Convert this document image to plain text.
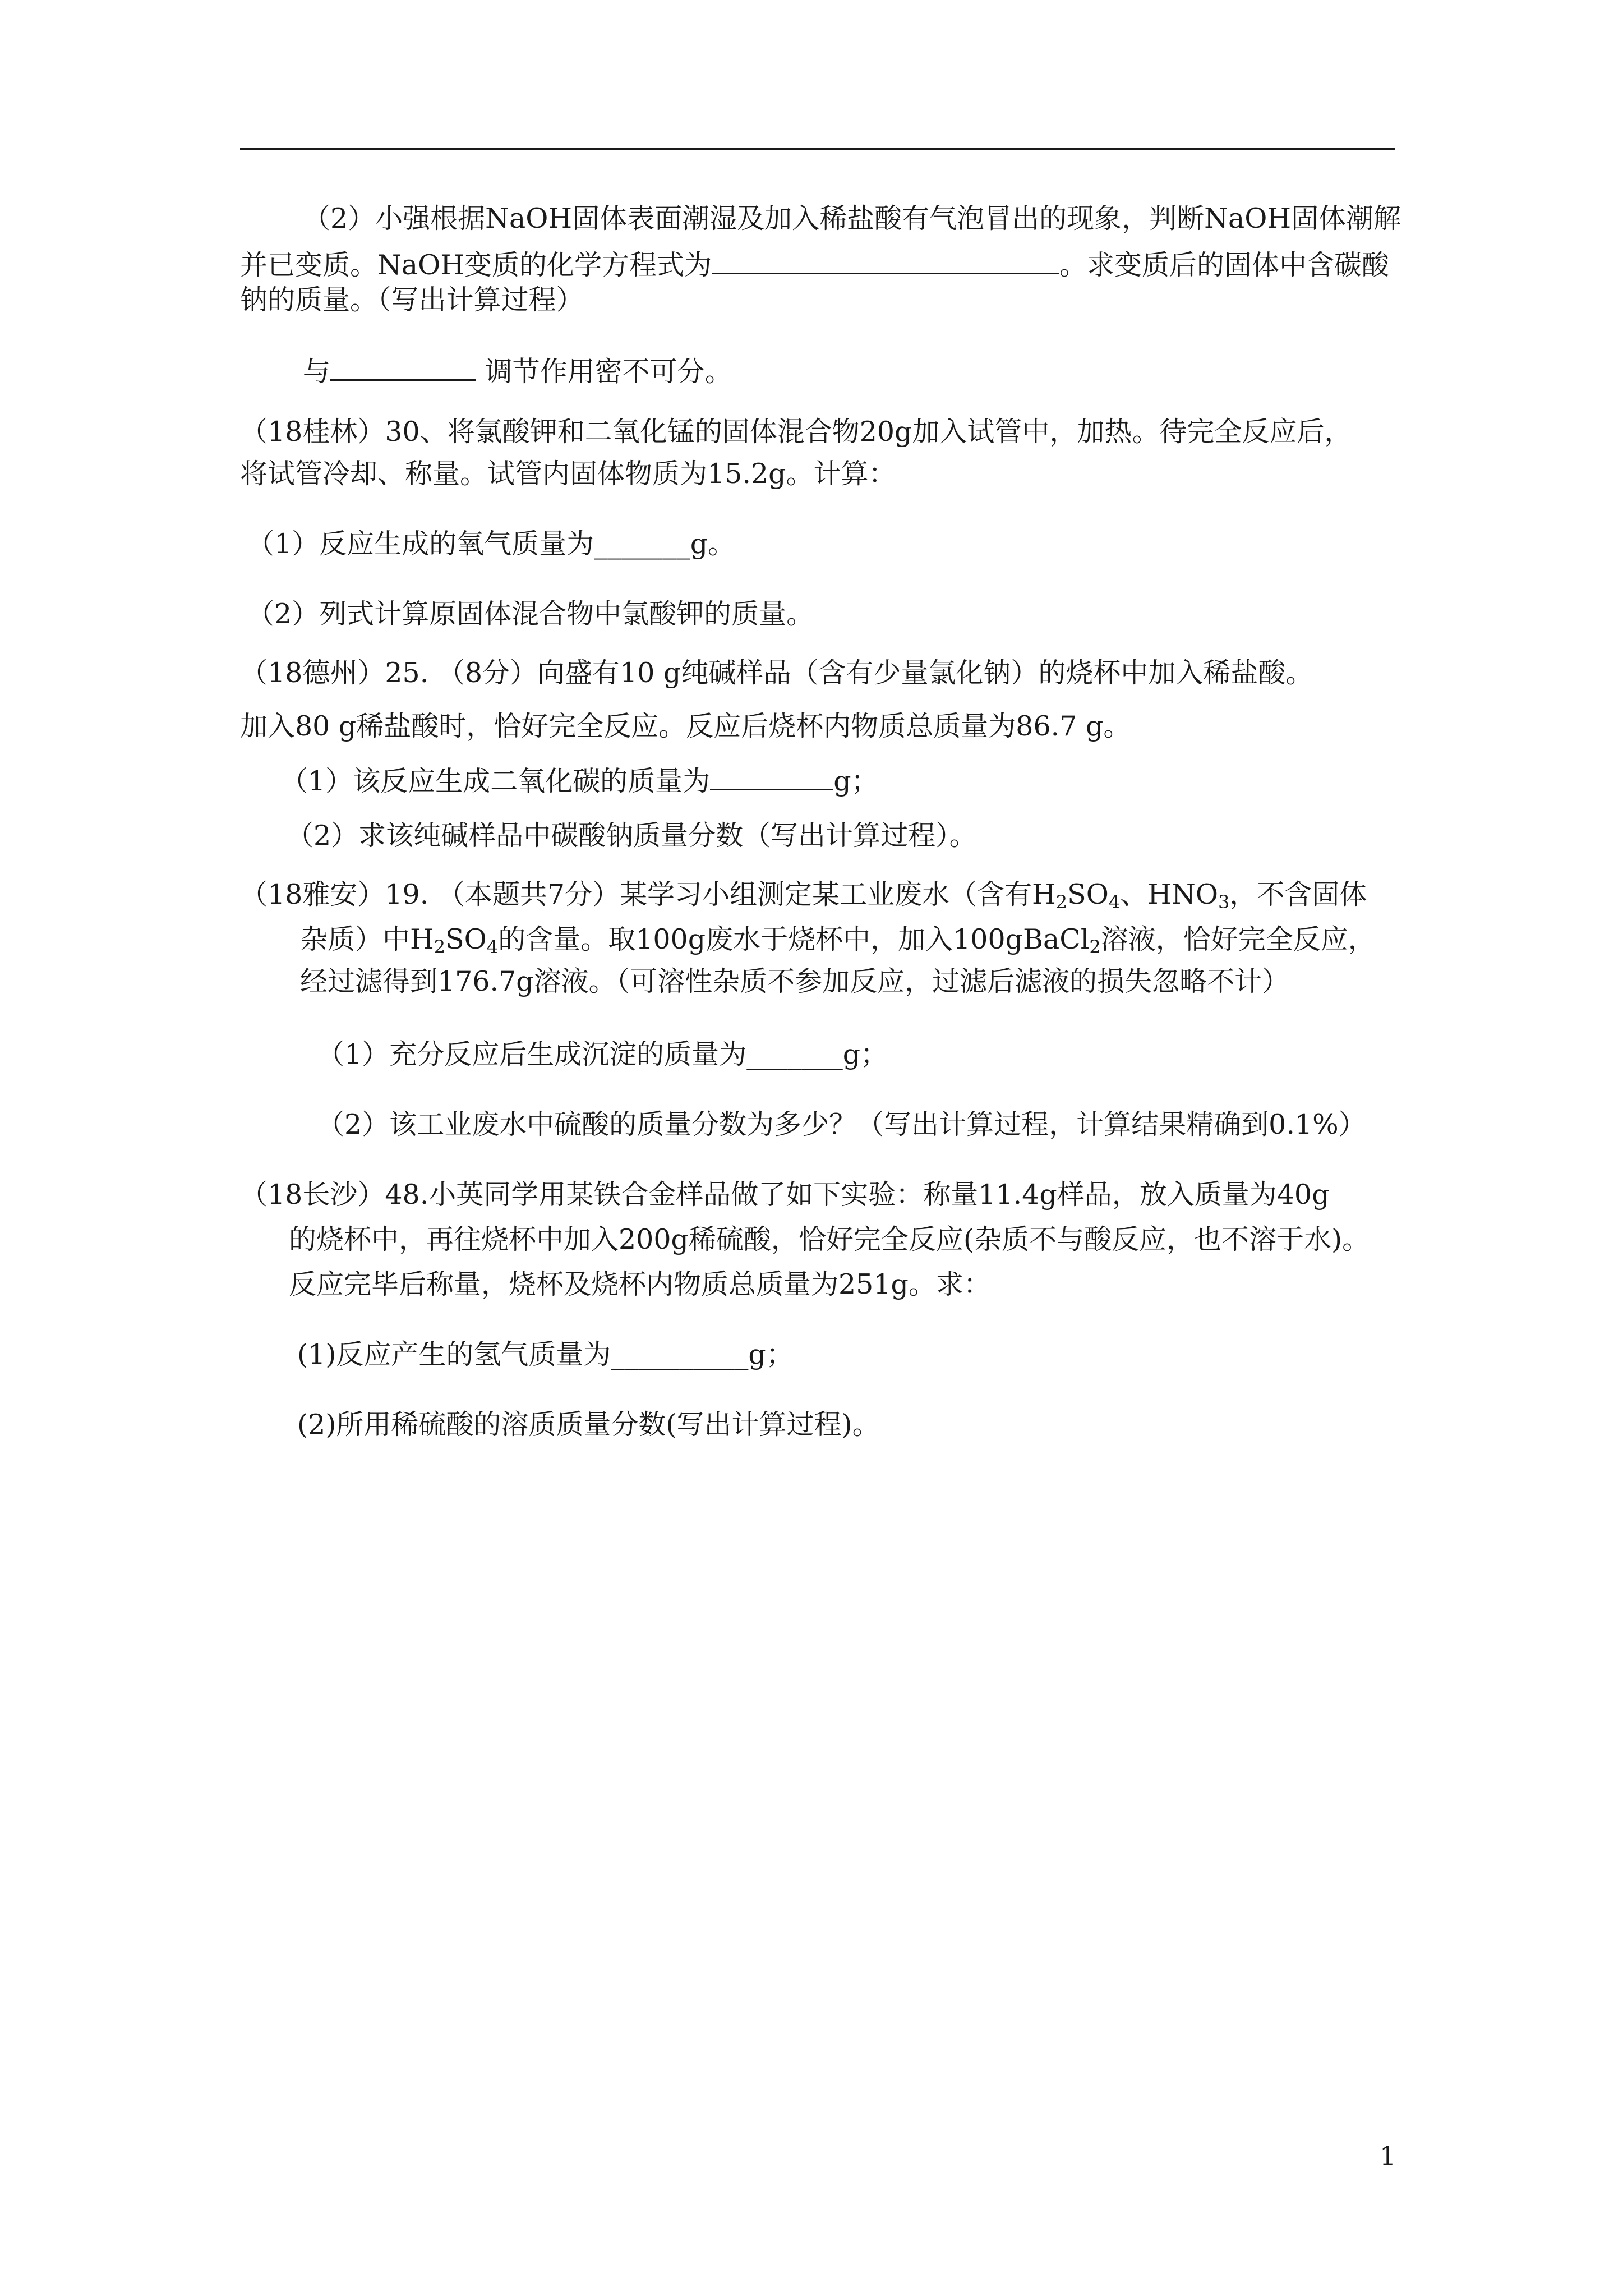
（2）小强根据NaOH固体表面潮湿及加入稀盐酸有气泡冒出的现象，判断NaOH固体潮解
并已变质。NaOH变质的化学方程式为	。求变质后的固体中含碳酸
钠的质量。（写出计算过程）
与	调节作用密不可分。
（18桂林）30、将氯酸钾和二氧化锰的固体混合物20g加入试管中，加热。待完全反应后，
将试管冷却、称量。试管内固体物质为15.2g。计算：
（1）反应生成的氧气质量为_______g。
（2）列式计算原固体混合物中氯酸钾的质量。
（18德州）25. （8分）向盛有10 g纯碱样品（含有少量氯化钠）的烧杯中加入稀盐酸。
加入80 g稀盐酸时，恰好完全反应。反应后烧杯内物质总质量为86.7 g。
（1）该反应生成二氧化碳的质量为	g；
（2）求该纯碱样品中碳酸钠质量分数（写出计算过程）。
（18雅安）19. （本题共7分）某学习小组测定某工业废水（含有$H_2SO_4$、$HNO_3$，不含固体
杂质）中$H_2SO_4$的含量。取100g废水于烧杯中，加入100gBaCl$_2$溶液，恰好完全反应，
经过滤得到176.7g溶液。（可溶性杂质不参加反应，过滤后滤液的损失忽略不计）
（1）充分反应后生成沉淀的质量为_______g；
（2）该工业废水中硫酸的质量分数为多少？（写出计算过程，计算结果精确到0.1%）
（18长沙）48.小英同学用某铁合金样品做了如下实验：称量11.4g样品，放入质量为40g
的烧杯中，再往烧杯中加入200g稀硫酸，恰好完全反应(杂质不与酸反应，也不溶于水)。
反应完毕后称量，烧杯及烧杯内物质总质量为251g。求：
(1)反应产生的氢气质量为__________g；
(2)所用稀硫酸的溶质质量分数(写出计算过程)。
1
